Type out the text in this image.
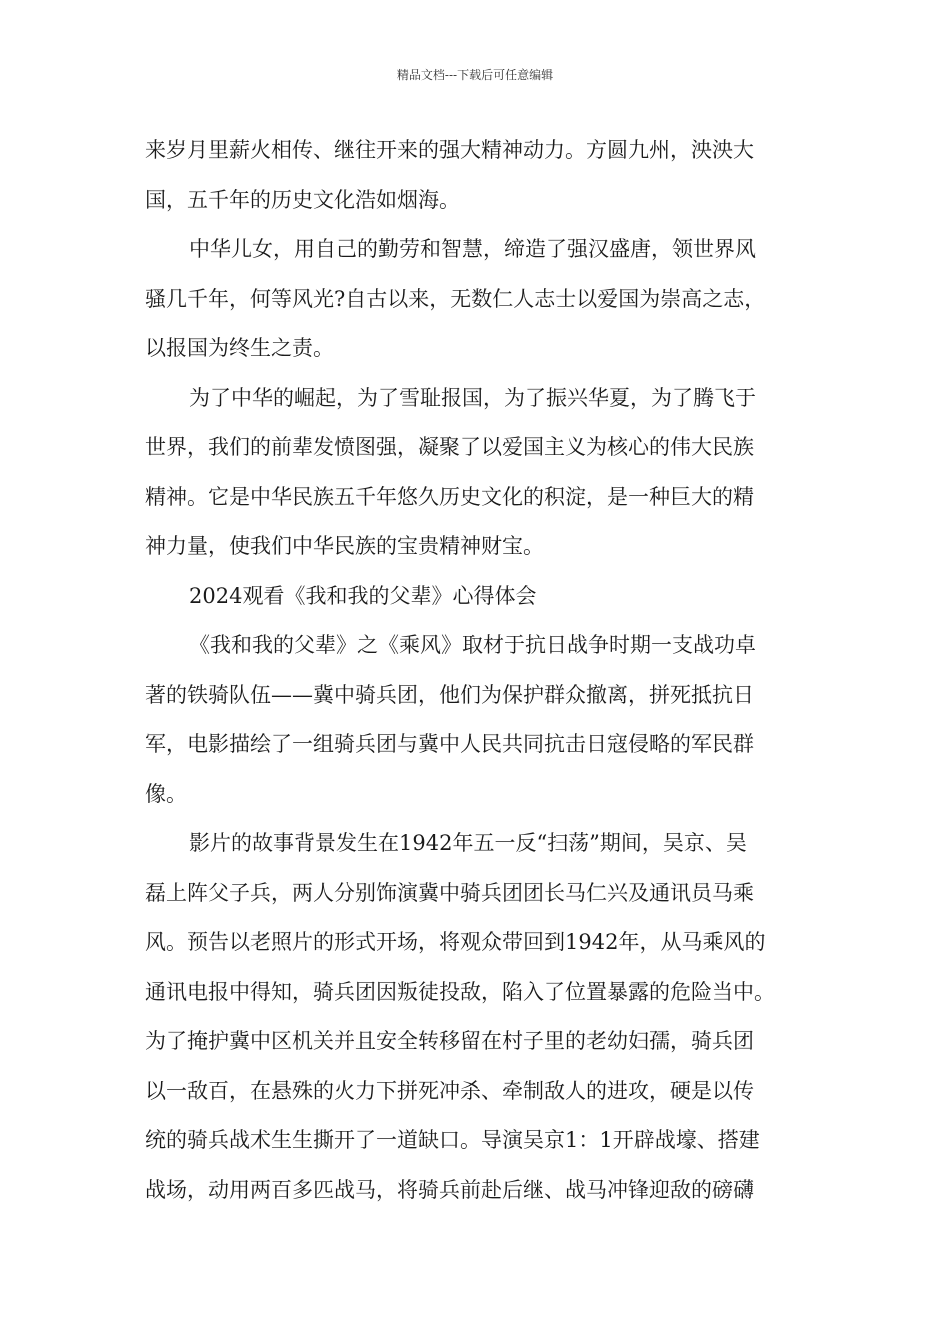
精品文档---下载后可任意编辑

来岁月里薪火相传、继往开来的强大精神动力。方圆九州，泱泱大
国，五千年的历史文化浩如烟海。

中华儿女，用自己的勤劳和智慧，缔造了强汉盛唐，领世界风
骚几千年，何等风光?自古以来，无数仁人志士以爱国为崇高之志，
以报国为终生之责。

为了中华的崛起，为了雪耻报国，为了振兴华夏，为了腾飞于
世界，我们的前辈发愤图强，凝聚了以爱国主义为核心的伟大民族
精神。它是中华民族五千年悠久历史文化的积淀，是一种巨大的精
神力量，使我们中华民族的宝贵精神财宝。

2024观看《我和我的父辈》心得体会

《我和我的父辈》之《乘风》取材于抗日战争时期一支战功卓
著的铁骑队伍——冀中骑兵团，他们为保护群众撤离，拼死抵抗日
军，电影描绘了一组骑兵团与冀中人民共同抗击日寇侵略的军民群
像。

影片的故事背景发生在1942年五一反“扫荡”期间，吴京、吴
磊上阵父子兵，两人分别饰演冀中骑兵团团长马仁兴及通讯员马乘
风。预告以老照片的形式开场，将观众带回到1942年，从马乘风的
通讯电报中得知，骑兵团因叛徒投敌，陷入了位置暴露的危险当中。
为了掩护冀中区机关并且安全转移留在村子里的老幼妇孺，骑兵团
以一敌百，在悬殊的火力下拼死冲杀、牵制敌人的进攻，硬是以传
统的骑兵战术生生撕开了一道缺口。导演吴京1：1开辟战壕、搭建
战场，动用两百多匹战马，将骑兵前赴后继、战马冲锋迎敌的磅礴
